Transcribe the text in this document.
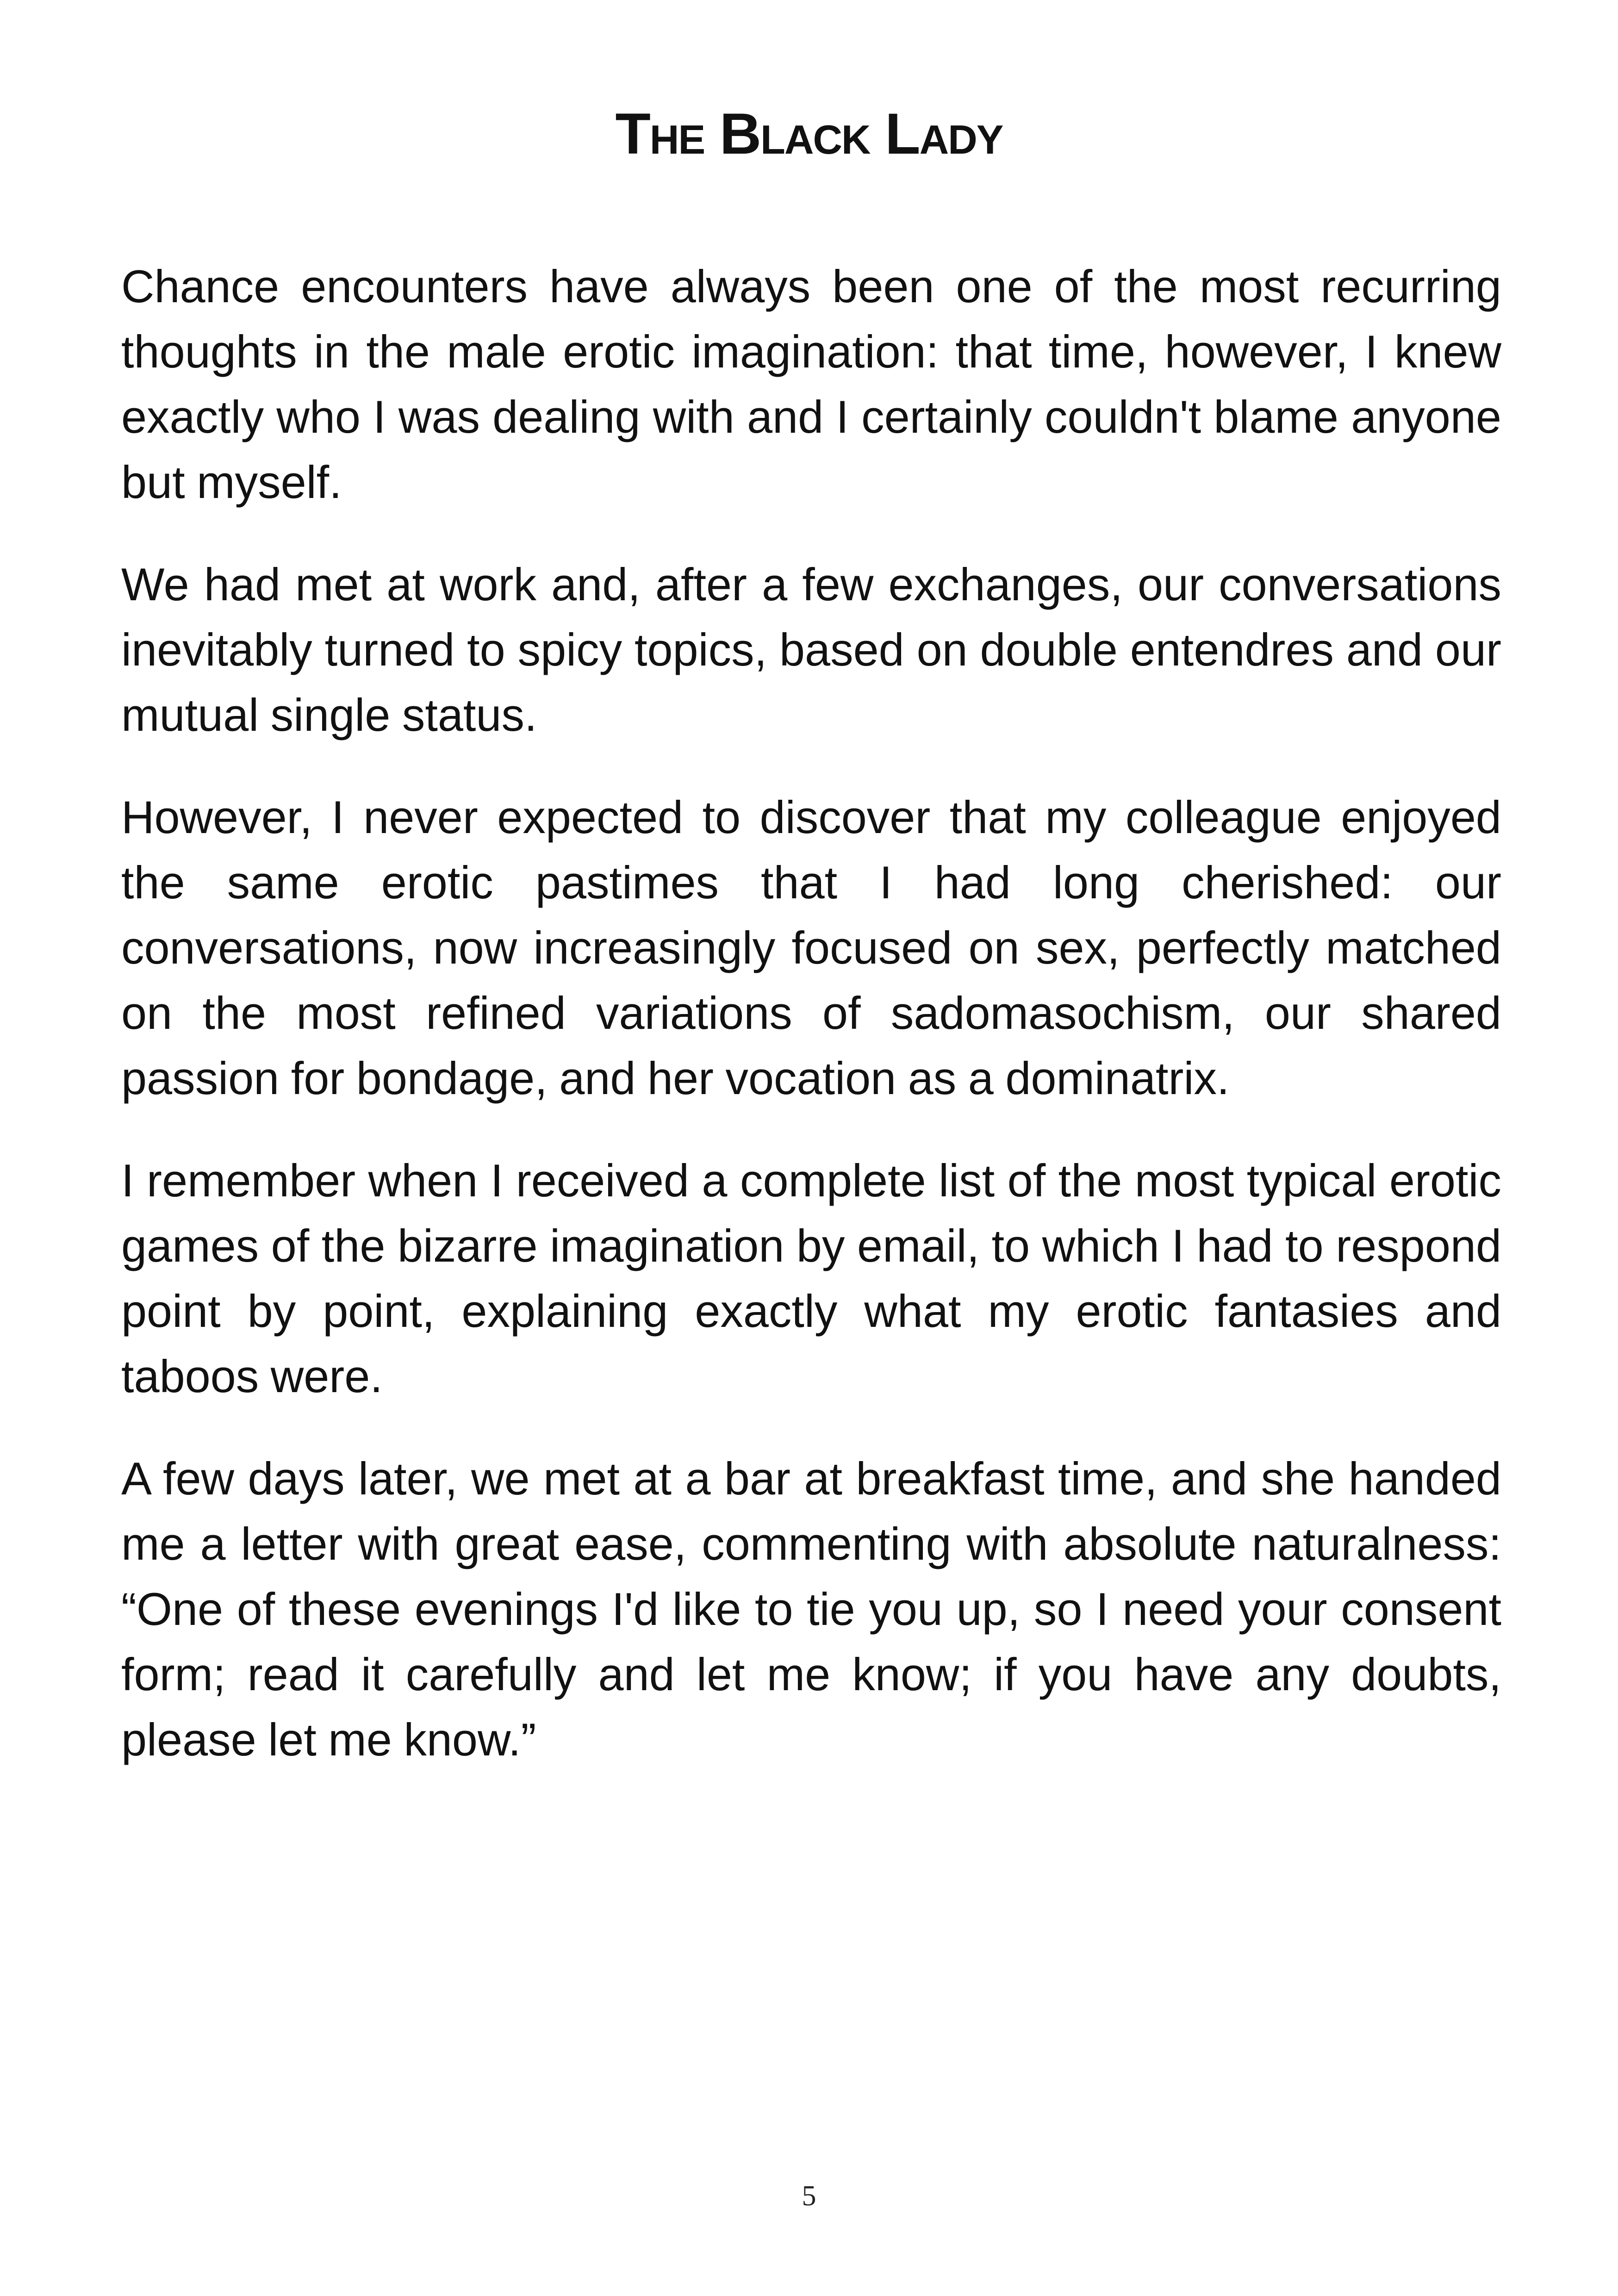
The Black Lady

Chance encounters have always been one of the most recurring thoughts in the male erotic imagination: that time, however, I knew exactly who I was dealing with and I certainly couldn't blame anyone but myself.

We had met at work and, after a few exchanges, our conversations inevitably turned to spicy topics, based on double entendres and our mutual single status.

However, I never expected to discover that my colleague enjoyed the same erotic pastimes that I had long cherished: our conversations, now increasingly focused on sex, perfectly matched on the most refined variations of sadomasochism, our shared passion for bondage, and her vocation as a dominatrix.

I remember when I received a complete list of the most typical erotic games of the bizarre imagination by email, to which I had to respond point by point, explaining exactly what my erotic fantasies and taboos were.

A few days later, we met at a bar at breakfast time, and she handed me a letter with great ease, commenting with absolute naturalness: “One of these evenings I'd like to tie you up, so I need your consent form; read it carefully and let me know; if you have any doubts, please let me know.”

5
